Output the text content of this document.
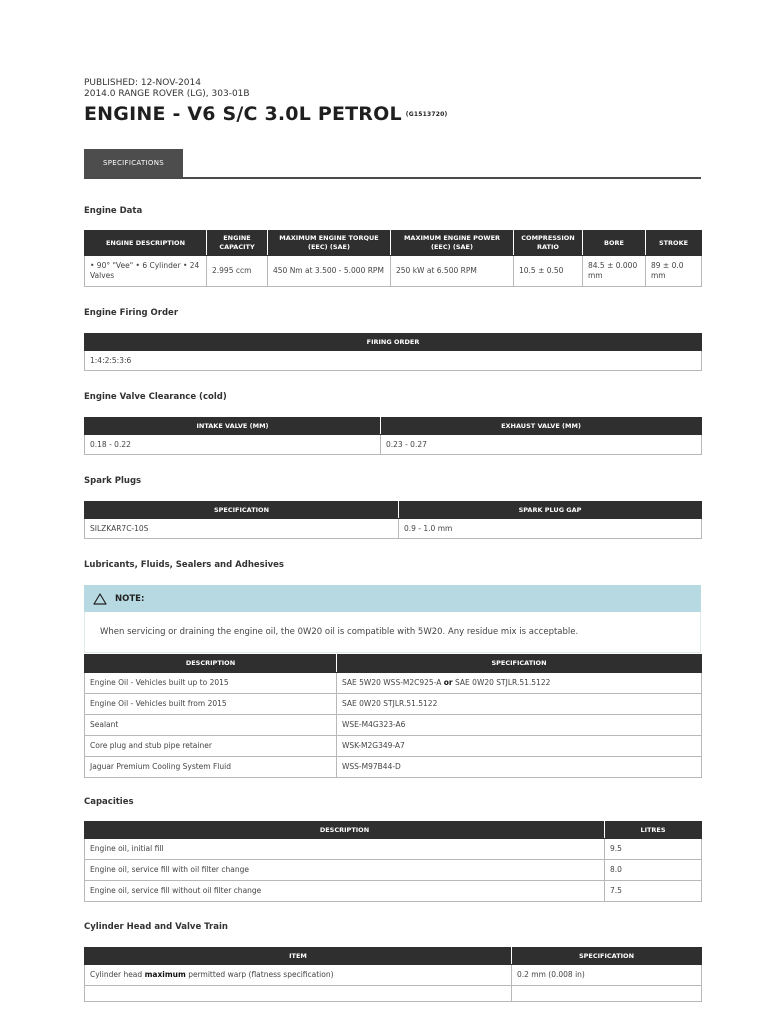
PUBLISHED: 12-NOV-2014
2014.0 RANGE ROVER (LG), 303-01B
ENGINE - V6 S/C 3.0L PETROL (G1513720)
SPECIFICATIONS
Engine Data
ENGINE DESCRIPTION	ENGINE CAPACITY	MAXIMUM ENGINE TORQUE (EEC) (SAE)	MAXIMUM ENGINE POWER (EEC) (SAE)	COMPRESSION RATIO	BORE	STROKE
• 90° "Vee" • 6 Cylinder • 24 Valves	2.995 ccm	450 Nm at 3.500 - 5.000 RPM	250 kW at 6.500 RPM	10.5 ± 0.50	84.5 ± 0.000 mm	89 ± 0.0 mm
Engine Firing Order
FIRING ORDER
1:4:2:5:3:6
Engine Valve Clearance (cold)
INTAKE VALVE (MM)	EXHAUST VALVE (MM)
0.18 - 0.22	0.23 - 0.27
Spark Plugs
SPECIFICATION	SPARK PLUG GAP
SILZKAR7C-10S	0.9 - 1.0 mm
Lubricants, Fluids, Sealers and Adhesives
NOTE:
When servicing or draining the engine oil, the 0W20 oil is compatible with 5W20. Any residue mix is acceptable.
DESCRIPTION	SPECIFICATION
Engine Oil - Vehicles built up to 2015	SAE 5W20 WSS-M2C925-A or SAE 0W20 STJLR.51.5122
Engine Oil - Vehicles built from 2015	SAE 0W20 STJLR.51.5122
Sealant	WSE-M4G323-A6
Core plug and stub pipe retainer	WSK-M2G349-A7
Jaguar Premium Cooling System Fluid	WSS-M97B44-D
Capacities
DESCRIPTION	LITRES
Engine oil, initial fill	9.5
Engine oil, service fill with oil filter change	8.0
Engine oil, service fill without oil filter change	7.5
Cylinder Head and Valve Train
ITEM	SPECIFICATION
Cylinder head maximum permitted warp (flatness specification)	0.2 mm (0.008 in)
